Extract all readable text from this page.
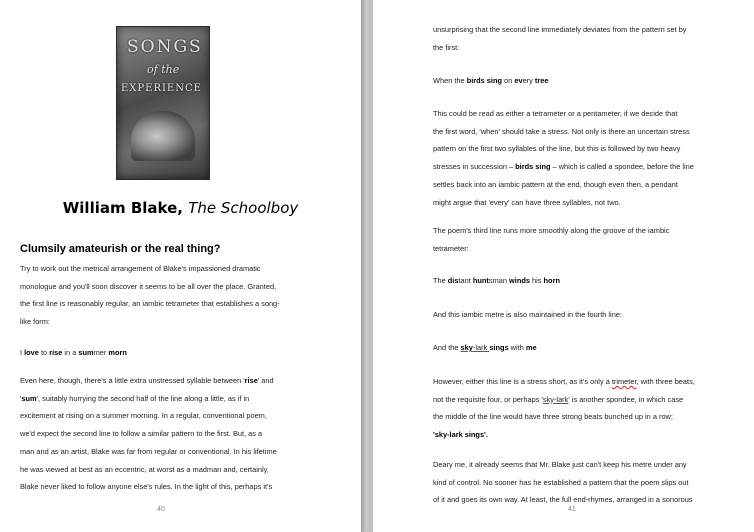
SONGS
of the
EXPERIENCE
William Blake, The Schoolboy
Clumsily amateurish or the real thing?

Try to work out the metrical arrangement of Blake's impassioned dramatic
monologue and you'll soon discover it seems to be all over the place. Granted,
the first line is reasonably regular, an iambic tetrameter that establishes a song-
like form:

I love to rise in a summer morn

Even here, though, there's a little extra unstressed syllable between 'rise' and
'sum', suitably hurrying the second half of the line along a little, as if in
excitement at rising on a summer morning. In a regular, conventional poem,
we'd expect the second line to follow a similar pattern to the first. But, as a
man and as an artist, Blake was far from regular or conventional. In his lifetime
he was viewed at best as an eccentric, at worst as a madman and, certainly,
Blake never liked to follow anyone else's rules. In the light of this, perhaps it's

40

unsurprising that the second line immediately deviates from the pattern set by
the first:

When the birds sing on every tree

This could be read as either a tetrameter or a pentameter, if we decide that
the first word, 'when' should take a stress. Not only is there an uncertain stress
pattern on the first two syllables of the line, but this is followed by two heavy
stresses in succession – birds sing – which is called a spondee, before the line
settles back into an iambic pattern at the end, though even then, a pendant
might argue that 'every' can have three syllables, not two.

The poem's third line runs more smoothly along the groove of the iambic
tetrameter:

The distant huntsman winds his horn

And this iambic metre is also maintained in the fourth line:

And the sky-lark sings with me

However, either this line is a stress short, as it's only a trimeter, with three beats,
not the requisite four, or perhaps 'sky-lark' is another spondee, in which case
the middle of the line would have three strong beats bunched up in a row;
'sky-lark sings'.

Deary me, it already seems that Mr. Blake just can't keep his metre under any
kind of control. No sooner has he established a pattern that the poem slips out
of it and goes its own way. At least, the full end-rhymes, arranged in a sonorous

41
